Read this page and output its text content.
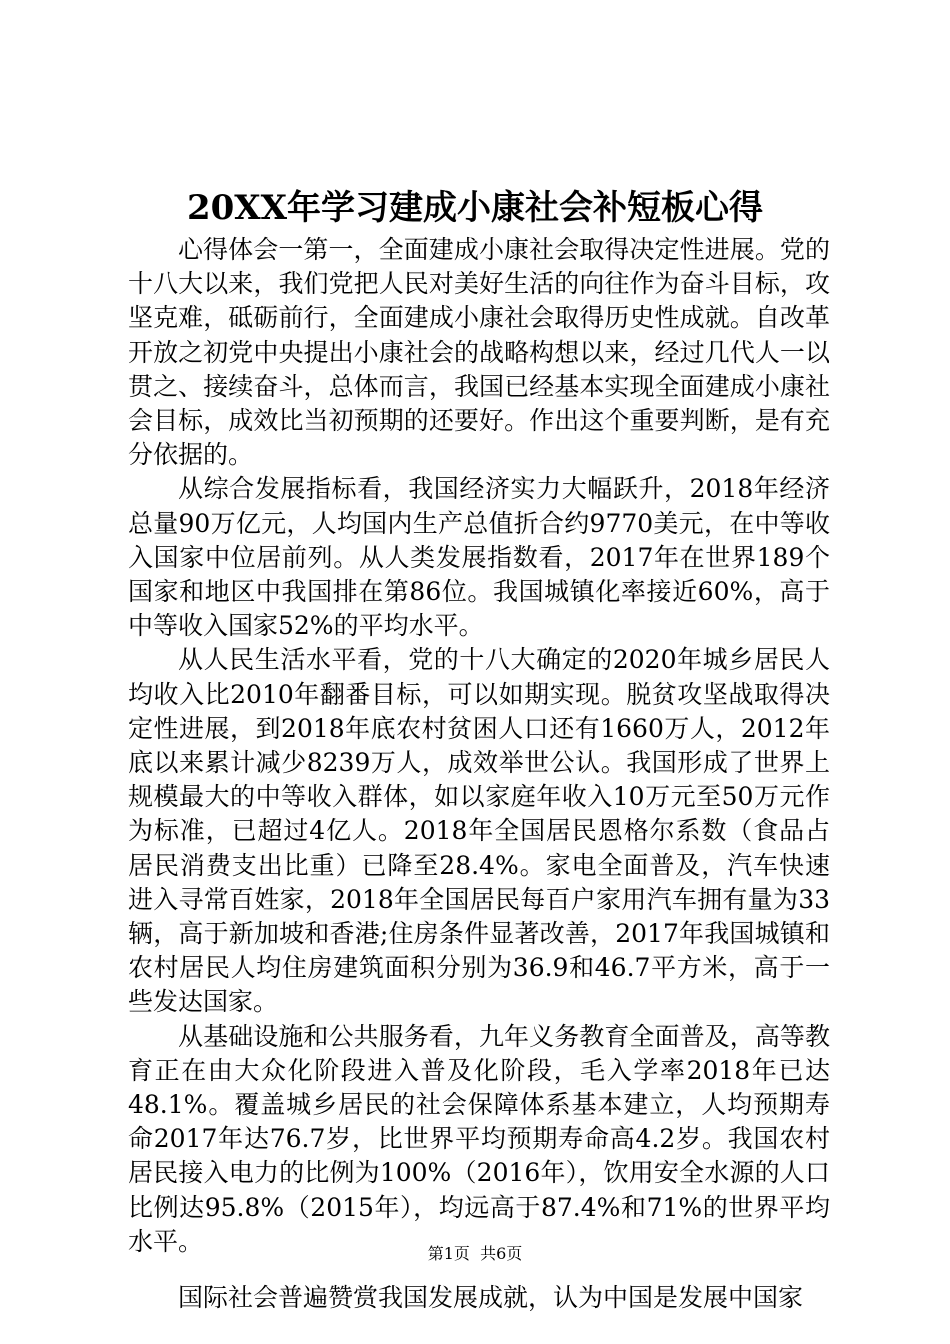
20XX年学习建成小康社会补短板心得

心得体会一第一，全面建成小康社会取得决定性进展。党的十八大以来，我们党把人民对美好生活的向往作为奋斗目标，攻坚克难，砥砺前行，全面建成小康社会取得历史性成就。自改革开放之初党中央提出小康社会的战略构想以来，经过几代人一以贯之、接续奋斗，总体而言，我国已经基本实现全面建成小康社会目标，成效比当初预期的还要好。作出这个重要判断，是有充分依据的。

从综合发展指标看，我国经济实力大幅跃升，2018年经济总量90万亿元，人均国内生产总值折合约9770美元，在中等收入国家中位居前列。从人类发展指数看，2017年在世界189个国家和地区中我国排在第86位。我国城镇化率接近60%，高于中等收入国家52%的平均水平。

从人民生活水平看，党的十八大确定的2020年城乡居民人均收入比2010年翻番目标，可以如期实现。脱贫攻坚战取得决定性进展，到2018年底农村贫困人口还有1660万人，2012年底以来累计减少8239万人，成效举世公认。我国形成了世界上规模最大的中等收入群体，如以家庭年收入10万元至50万元作为标准，已超过4亿人。2018年全国居民恩格尔系数（食品占居民消费支出比重）已降至28.4%。家电全面普及，汽车快速进入寻常百姓家，2018年全国居民每百户家用汽车拥有量为33辆，高于新加坡和香港;住房条件显著改善，2017年我国城镇和农村居民人均住房建筑面积分别为36.9和46.7平方米，高于一些发达国家。

从基础设施和公共服务看，九年义务教育全面普及，高等教育正在由大众化阶段进入普及化阶段，毛入学率2018年已达48.1%。覆盖城乡居民的社会保障体系基本建立，人均预期寿命2017年达76.7岁，比世界平均预期寿命高4.2岁。我国农村居民接入电力的比例为100%（2016年），饮用安全水源的人口比例达95.8%（2015年），均远高于87.4%和71%的世界平均水平。

国际社会普遍赞赏我国发展成就，认为中国是发展中国家

第1页 共6页
